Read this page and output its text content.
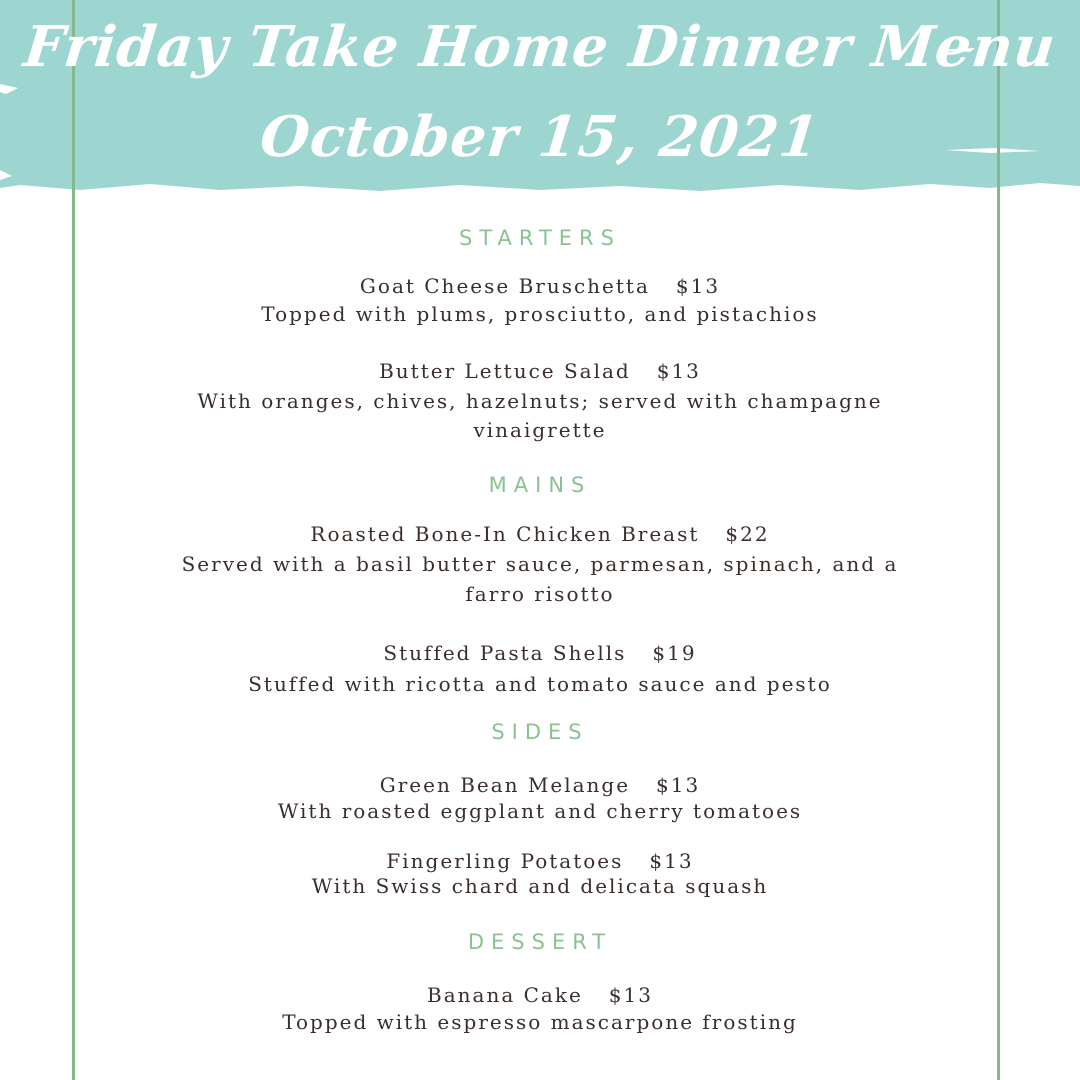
Friday Take Home Dinner Menu
October 15, 2021
STARTERS
Goat Cheese Bruschetta $13
Topped with plums, prosciutto, and pistachios
Butter Lettuce Salad $13
With oranges, chives, hazelnuts; served with champagne
vinaigrette
MAINS
Roasted Bone-In Chicken Breast $22
Served with a basil butter sauce, parmesan, spinach, and a
farro risotto
Stuffed Pasta Shells $19
Stuffed with ricotta and tomato sauce and pesto
SIDES
Green Bean Melange $13
With roasted eggplant and cherry tomatoes
Fingerling Potatoes $13
With Swiss chard and delicata squash
DESSERT
Banana Cake $13
Topped with espresso mascarpone frosting
